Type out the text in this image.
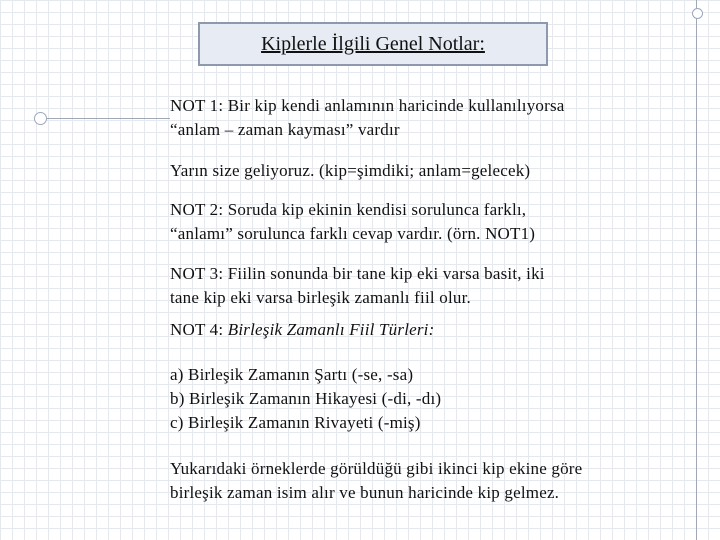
Kiplerle İlgili Genel Notlar:

NOT 1: Bir kip kendi anlamının haricinde kullanılıyorsa
“anlam – zaman kayması” vardır

Yarın size geliyoruz. (kip=şimdiki; anlam=gelecek)

NOT 2: Soruda kip ekinin kendisi sorulunca farklı,
“anlamı” sorulunca farklı cevap vardır. (örn. NOT1)

NOT 3: Fiilin sonunda bir tane kip eki varsa basit, iki
tane kip eki varsa birleşik zamanlı fiil olur.

NOT 4: Birleşik Zamanlı Fiil Türleri:

a) Birleşik Zamanın Şartı (-se, -sa)
b) Birleşik Zamanın Hikayesi (-di, -dı)
c) Birleşik Zamanın Rivayeti (-miş)

Yukarıdaki örneklerde görüldüğü gibi ikinci kip ekine göre
birleşik zaman isim alır ve bunun haricinde kip gelmez.
